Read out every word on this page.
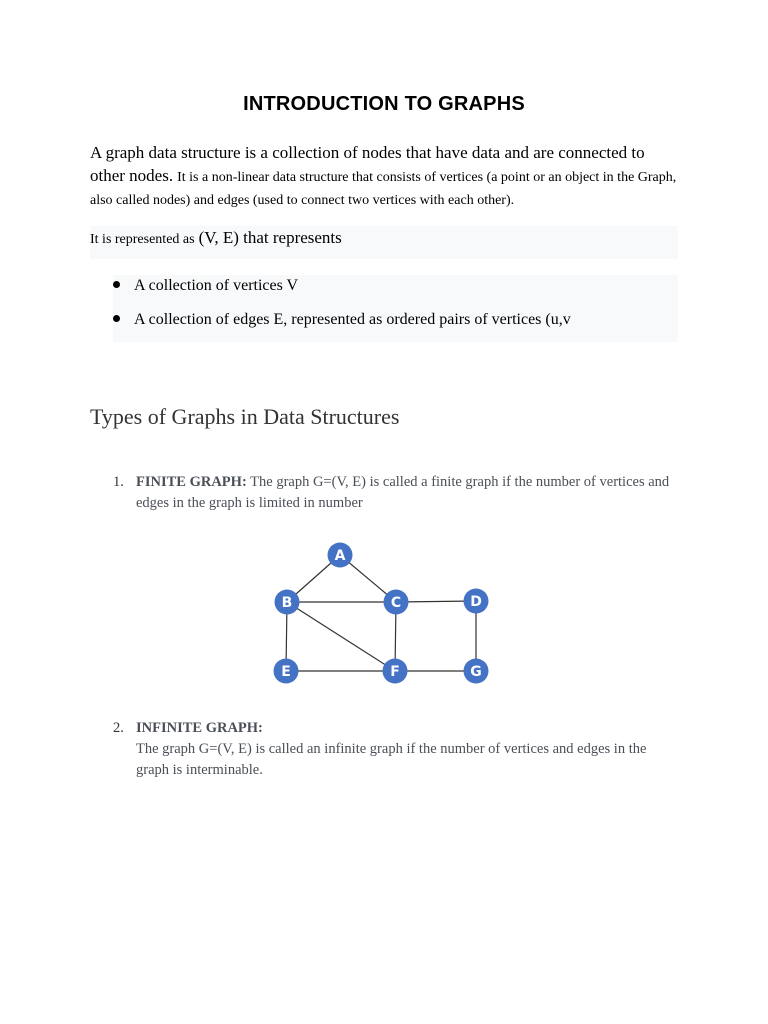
INTRODUCTION TO GRAPHS
A graph data structure is a collection of nodes that have data and are connected to other nodes. It is a non-linear data structure that consists of vertices (a point or an object in the Graph, also called nodes) and edges (used to connect two vertices with each other).
It is represented as (V, E) that represents
A collection of vertices V
A collection of edges E, represented as ordered pairs of vertices (u,v
Types of Graphs in Data Structures
1. FINITE GRAPH: The graph G=(V, E) is called a finite graph if the number of vertices and edges in the graph is limited in number
A
B	C	D
E	F	G
2. INFINITE GRAPH:
The graph G=(V, E) is called an infinite graph if the number of vertices and edges in the graph is interminable.
